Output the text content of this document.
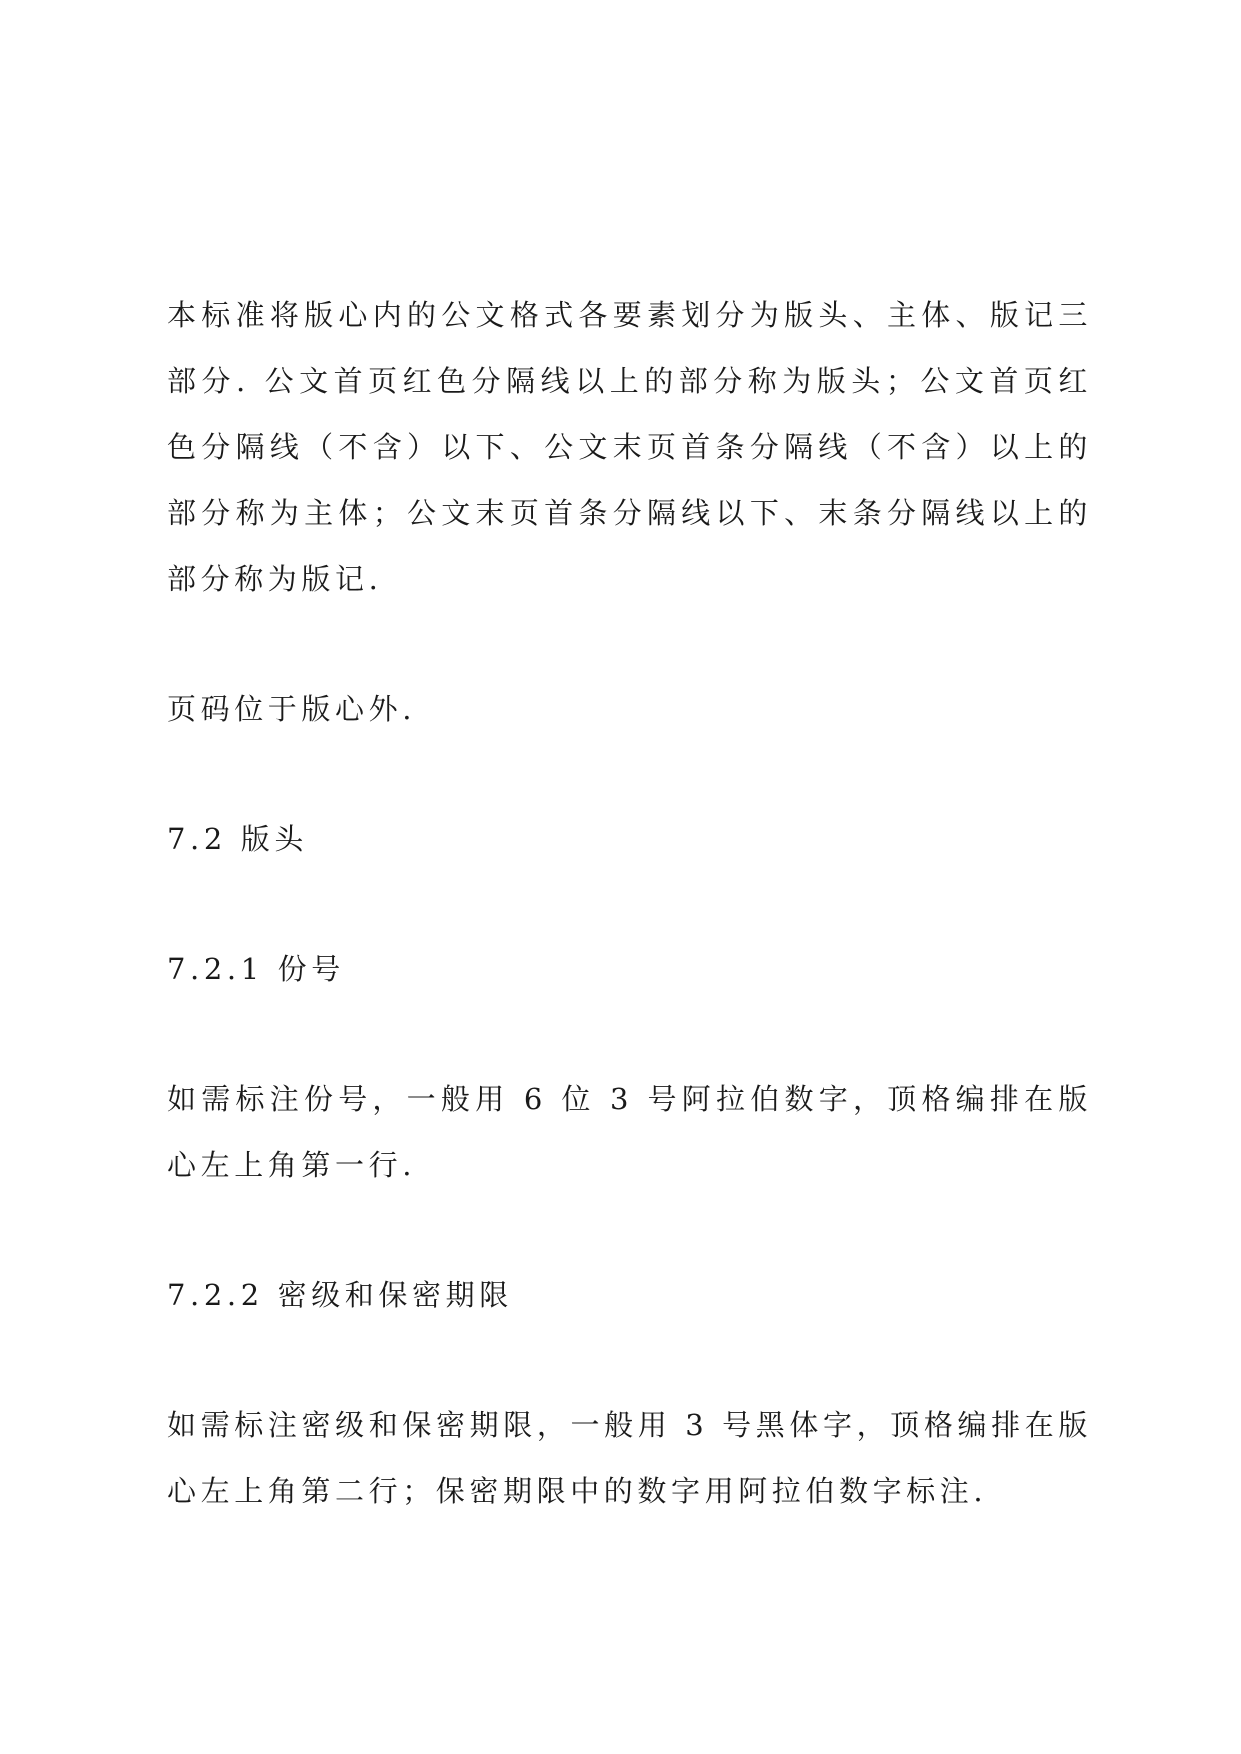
本标准将版心内的公文格式各要素划分为版头、主体、版记三部分. 公文首页红色分隔线以上的部分称为版头；公文首页红色分隔线（不含）以下、公文末页首条分隔线（不含）以上的部分称为主体；公文末页首条分隔线以下、末条分隔线以上的部分称为版记.

页码位于版心外.

7.2 版头

7.2.1 份号

如需标注份号，一般用 6 位 3 号阿拉伯数字，顶格编排在版心左上角第一行.

7.2.2 密级和保密期限

如需标注密级和保密期限，一般用 3 号黑体字，顶格编排在版心左上角第二行；保密期限中的数字用阿拉伯数字标注.
